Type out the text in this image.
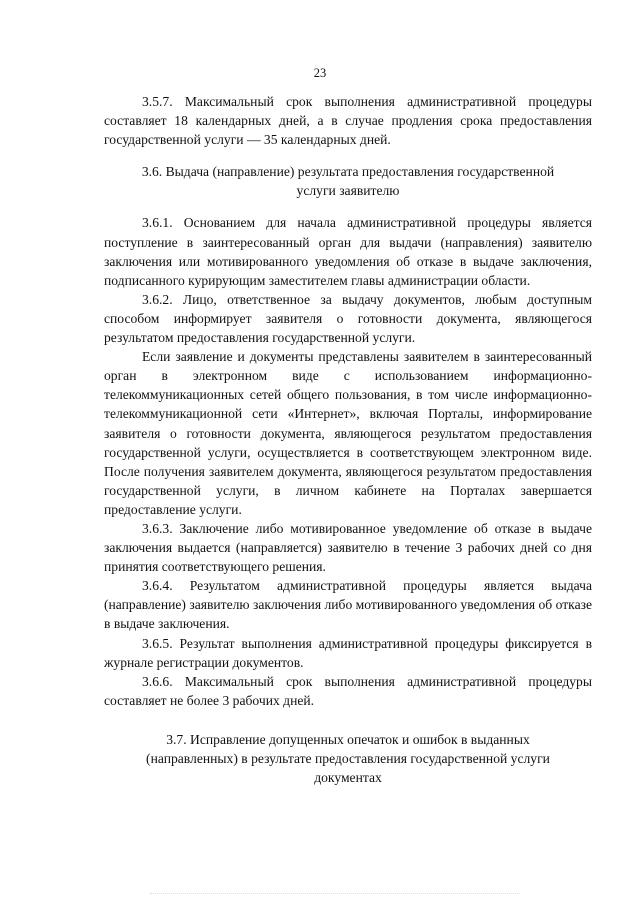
23

3.5.7. Максимальный срок выполнения административной процедуры составляет 18 календарных дней, а в случае продления срока предоставления государственной услуги — 35 календарных дней.

3.6. Выдача (направление) результата предоставления государственной
услуги заявителю

3.6.1. Основанием для начала административной процедуры является поступление в заинтересованный орган для выдачи (направления) заявителю заключения или мотивированного уведомления об отказе в выдаче заключения, подписанного курирующим заместителем главы администрации области.

3.6.2. Лицо, ответственное за выдачу документов, любым доступным способом информирует заявителя о готовности документа, являющегося результатом предоставления государственной услуги.

Если заявление и документы представлены заявителем в заинтересованный орган в электронном виде с использованием информационно-телекоммуникационных сетей общего пользования, в том числе информационно-телекоммуникационной сети «Интернет», включая Порталы, информирование заявителя о готовности документа, являющегося результатом предоставления государственной услуги, осуществляется в соответствующем электронном виде. После получения заявителем документа, являющегося результатом предоставления государственной услуги, в личном кабинете на Порталах завершается предоставление услуги.

3.6.3. Заключение либо мотивированное уведомление об отказе в выдаче заключения выдается (направляется) заявителю в течение 3 рабочих дней со дня принятия соответствующего решения.

3.6.4. Результатом административной процедуры является выдача (направление) заявителю заключения либо мотивированного уведомления об отказе в выдаче заключения.

3.6.5. Результат выполнения административной процедуры фиксируется в журнале регистрации документов.

3.6.6. Максимальный срок выполнения административной процедуры составляет не более 3 рабочих дней.

3.7. Исправление допущенных опечаток и ошибок в выданных
(направленных) в результате предоставления государственной услуги
документах
